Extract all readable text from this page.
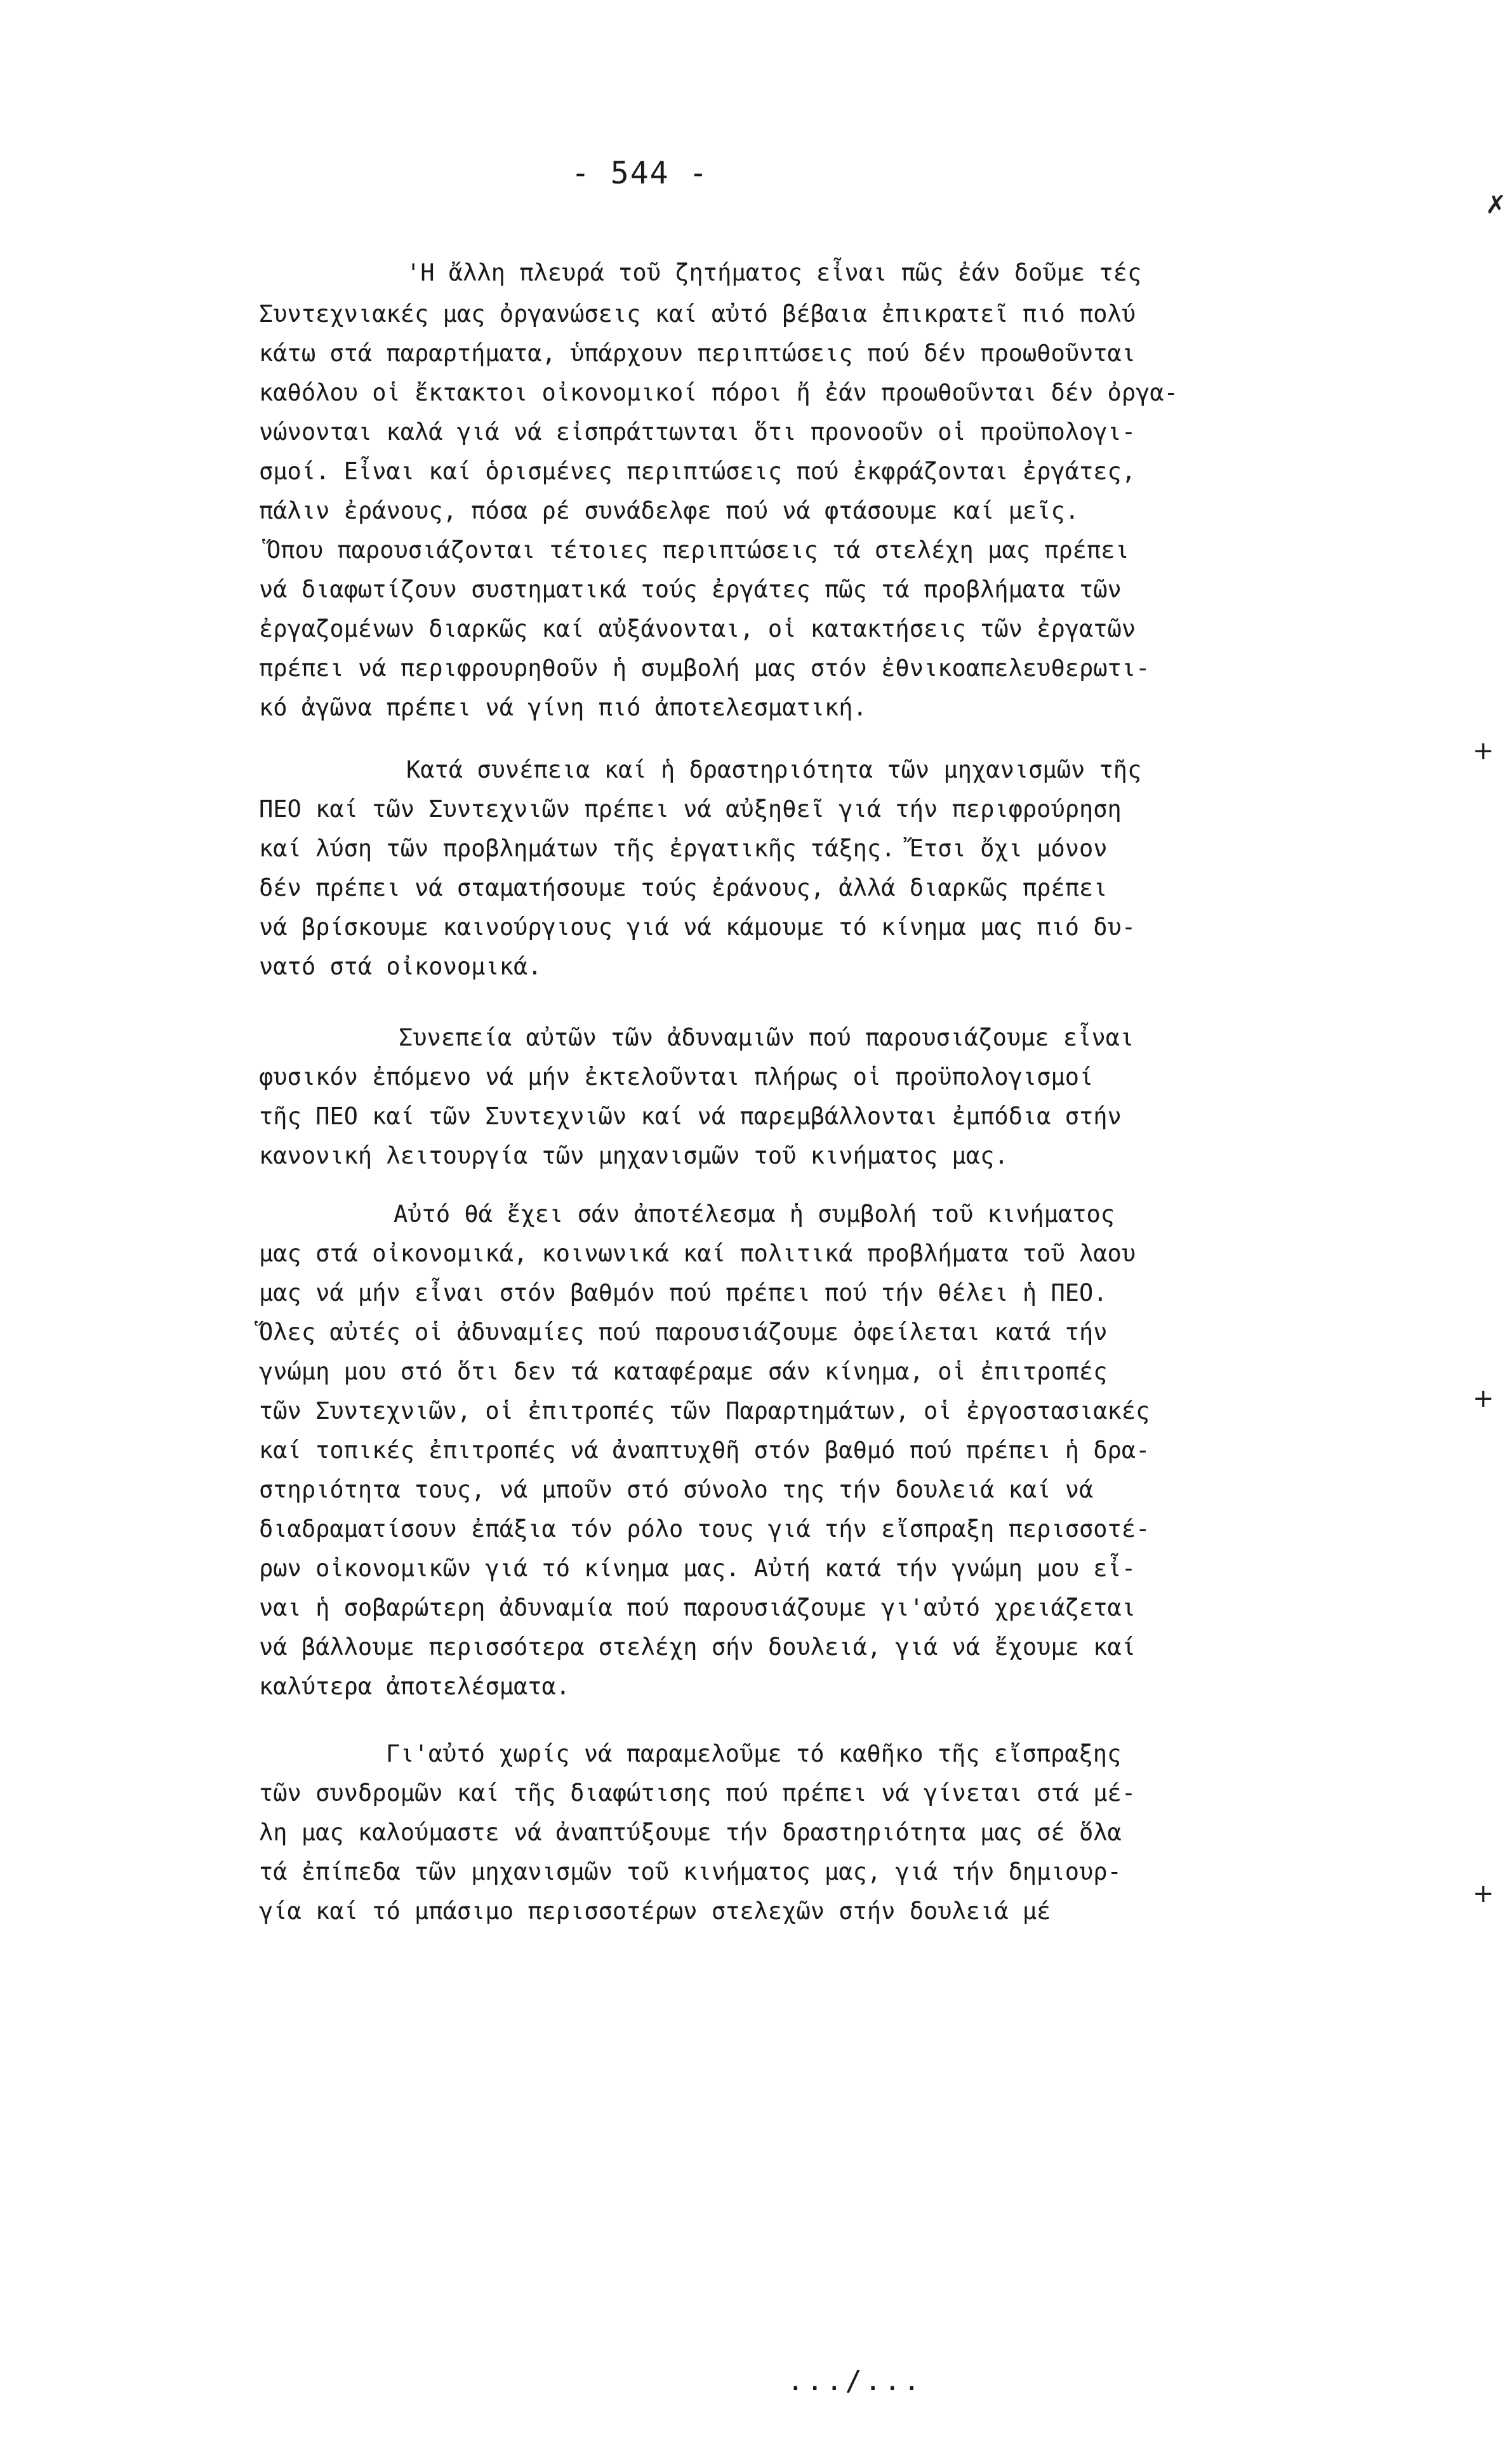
- 544 -
'Η ἄλλη πλευρά τοῦ ζητήματος εἶναι πῶς ἐάν δοῦμε τές
Συντεχνιακές μας ὀργανώσεις καί αὐτό βέβαια ἐπικρατεῖ πιό πολύ
κάτω στά παραρτήματα, ὑπάρχουν περιπτώσεις πού δέν προωθοῦνται
καθόλου οἱ ἔκτακτοι οἰκονομικοί πόροι ἤ ἐάν προωθοῦνται δέν ὀργα-
νώνονται καλά γιά νά εἰσπράττωνται ὅτι προνοοῦν οἱ προϋπολογι-
σμοί. Εἶναι καί ὁρισμένες περιπτώσεις πού ἐκφράζονται ἐργάτες,
πάλιν ἐράνους, πόσα ρέ συνάδελφε πού νά φτάσουμε καί μεῖς.
Ὅπου παρουσιάζονται τέτοιες περιπτώσεις τά στελέχη μας πρέπει
νά διαφωτίζουν συστηματικά τούς ἐργάτες πῶς τά προβλήματα τῶν
ἐργαζομένων διαρκῶς καί αὐξάνονται, οἱ κατακτήσεις τῶν ἐργατῶν
πρέπει νά περιφρουρηθοῦν ἡ συμβολή μας στόν ἐθνικοαπελευθερωτι-
κό ἀγῶνα πρέπει νά γίνη πιό ἀποτελεσματική.
Κατά συνέπεια καί ἡ δραστηριότητα τῶν μηχανισμῶν τῆς
ΠΕΟ καί τῶν Συντεχνιῶν πρέπει νά αὐξηθεῖ γιά τήν περιφρούρηση
καί λύση τῶν προβλημάτων τῆς ἐργατικῆς τάξης. Ἔτσι ὄχι μόνον
δέν πρέπει νά σταματήσουμε τούς ἐράνους, ἀλλά διαρκῶς πρέπει
νά βρίσκουμε καινούργιους γιά νά κάμουμε τό κίνημα μας πιό δυ-
νατό στά οἰκονομικά.
Συνεπεία αὐτῶν τῶν ἀδυναμιῶν πού παρουσιάζουμε εἶναι
φυσικόν ἐπόμενο νά μήν ἐκτελοῦνται πλήρως οἱ προϋπολογισμοί
τῆς ΠΕΟ καί τῶν Συντεχνιῶν καί νά παρεμβάλλονται ἐμπόδια στήν
κανονική λειτουργία τῶν μηχανισμῶν τοῦ κινήματος μας.
Αὐτό θά ἔχει σάν ἀποτέλεσμα ἡ συμβολή τοῦ κινήματος
μας στά οἰκονομικά, κοινωνικά καί πολιτικά προβλήματα τοῦ λαου
μας νά μήν εἶναι στόν βαθμόν πού πρέπει πού τήν θέλει ἡ ΠΕΟ.
Ὅλες αὐτές οἱ ἀδυναμίες πού παρουσιάζουμε ὀφείλεται κατά τήν
γνώμη μου στό ὅτι δεν τά καταφέραμε σάν κίνημα, οἱ ἐπιτροπές
τῶν Συντεχνιῶν, οἱ ἐπιτροπές τῶν Παραρτημάτων, οἱ ἐργοστασιακές
καί τοπικές ἐπιτροπές νά ἀναπτυχθῆ στόν βαθμό πού πρέπει ἡ δρα-
στηριότητα τους, νά μποῦν στό σύνολο της τήν δουλειά καί νά
διαδραματίσουν ἐπάξια τόν ρόλο τους γιά τήν εἴσπραξη περισσοτέ-
ρων οἰκονομικῶν γιά τό κίνημα μας. Αὐτή κατά τήν γνώμη μου εἶ-
ναι ἡ σοβαρώτερη ἀδυναμία πού παρουσιάζουμε γι'αὐτό χρειάζεται
νά βάλλουμε περισσότερα στελέχη σήν δουλειά, γιά νά ἔχουμε καί
καλύτερα ἀποτελέσματα.
Γι'αὐτό χωρίς νά παραμελοῦμε τό καθῆκο τῆς εἴσπραξης
τῶν συνδρομῶν καί τῆς διαφώτισης πού πρέπει νά γίνεται στά μέ-
λη μας καλούμαστε νά ἀναπτύξουμε τήν δραστηριότητα μας σέ ὅλα
τά ἐπίπεδα τῶν μηχανισμῶν τοῦ κινήματος μας, γιά τήν δημιουρ-
γία καί τό μπάσιμο περισσοτέρων στελεχῶν στήν δουλειά μέ
.../...
✗
+
+
+
